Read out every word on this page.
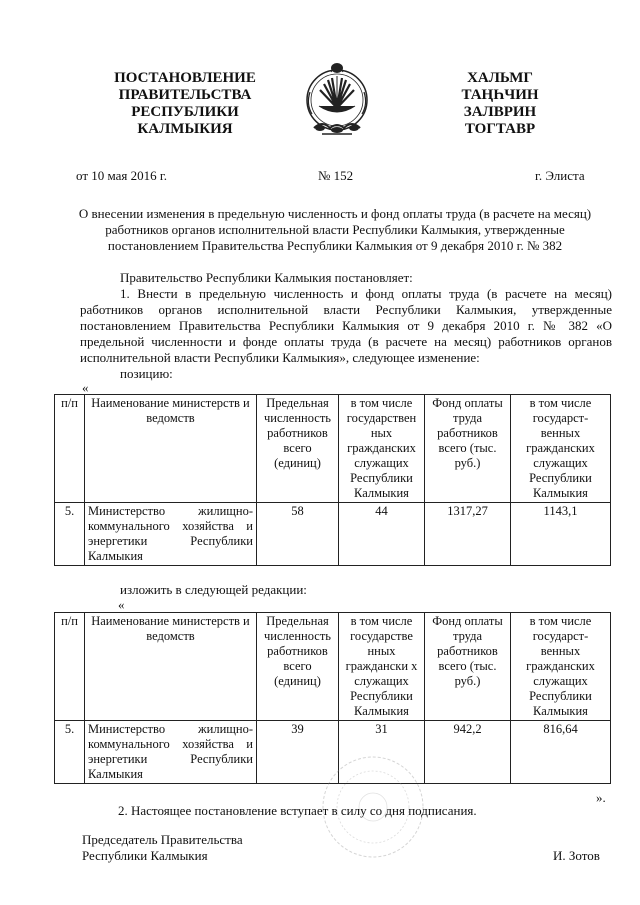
ПОСТАНОВЛЕНИЕ
ПРАВИТЕЛЬСТВА
РЕСПУБЛИКИ
КАЛМЫКИЯ
ХАЛЬМГ
ТАҢҺЧИН
ЗАЛВРИН
ТОГТАВР
от 10 мая 2016 г.	№ 152	г. Элиста
О внесении изменения в предельную численность и фонд оплаты труда (в расчете на месяц)
работников органов исполнительной власти Республики Калмыкия, утвержденные
постановлением Правительства Республики Калмыкия от 9 декабря 2010 г. № 382
Правительство Республики Калмыкия постановляет:
1. Внести в предельную численность и фонд оплаты труда (в расчете на месяц) работников органов исполнительной власти Республики Калмыкия, утвержденные постановлением Правительства Республики Калмыкия от 9 декабря 2010 г. № 382 «О предельной численности и фонде оплаты труда (в расчете на месяц) работников органов исполнительной власти Республики Калмыкия», следующее изменение:
позицию:
«
п/п	Наименование министерств и ведомств	Предельная численность работников всего (единиц)	в том числе государствен ных гражданских служащих Республики Калмыкия	Фонд оплаты труда работников всего (тыс. руб.)	в том числе государст-венных гражданских служащих Республики Калмыкия
5.	Министерство жилищно-коммунального хозяйства и энергетики Республики Калмыкия	58	44	1317,27	1143,1
изложить в следующей редакции:
«
п/п	Наименование министерств и ведомств	Предельная численность работников всего (единиц)	в том числе государстве нных граждански х служащих Республики Калмыкия	Фонд оплаты труда работников всего (тыс. руб.)	в том числе государст-венных гражданских служащих Республики Калмыкия
5.	Министерство жилищно-коммунального хозяйства и энергетики Республики Калмыкия	39	31	942,2	816,64
».
2. Настоящее постановление вступает в силу со дня подписания.
Председатель Правительства
Республики Калмыкия	И. Зотов
